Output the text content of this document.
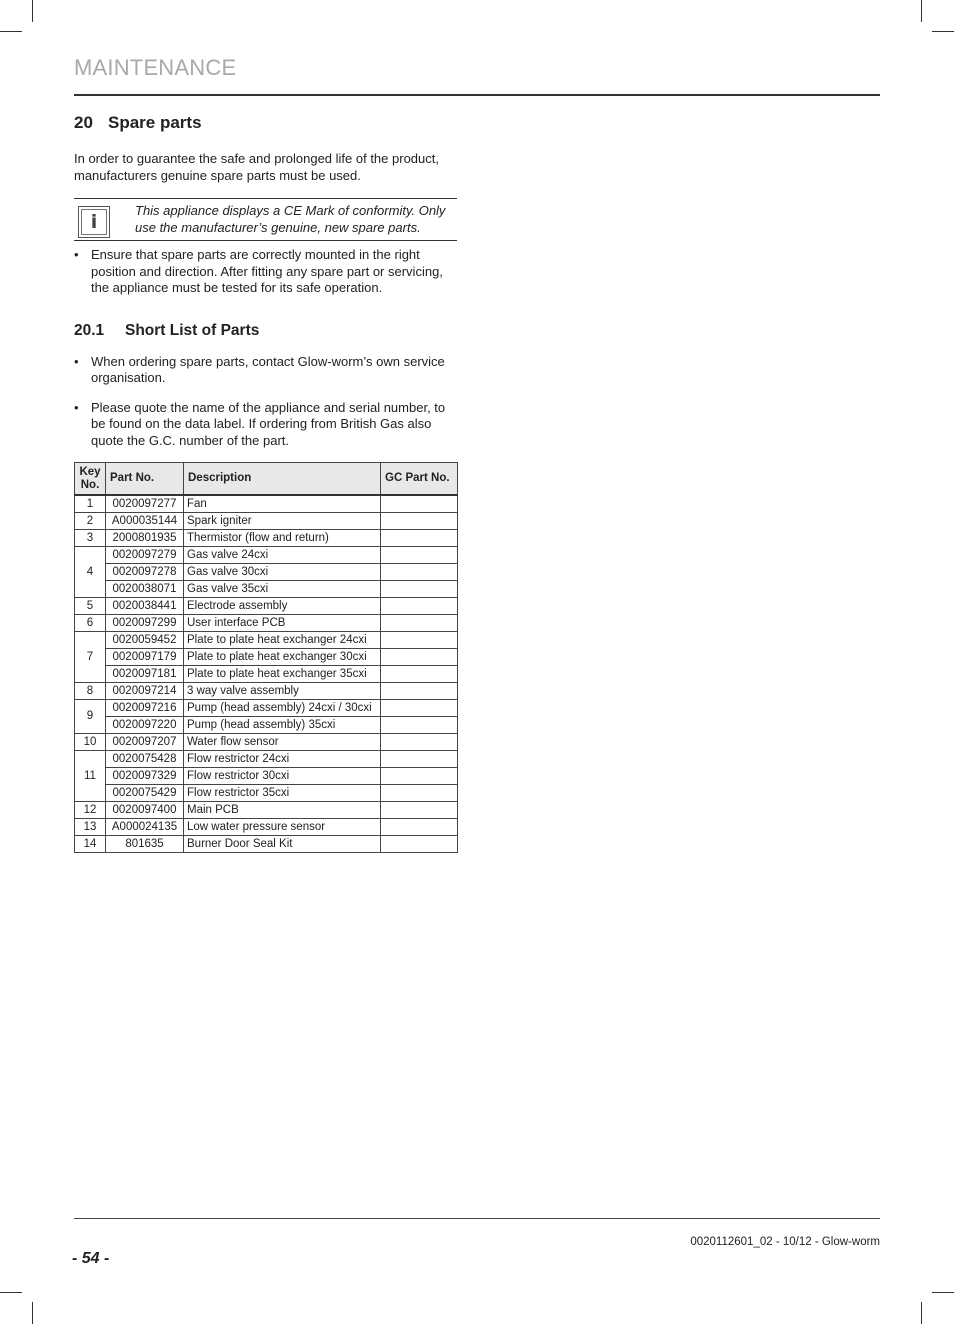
MAINTENANCE
20 Spare parts

In order to guarantee the safe and prolonged life of the product, manufacturers genuine spare parts must be used.

i
This appliance displays a CE Mark of conformity. Only use the manufacturer’s genuine, new spare parts.
• Ensure that spare parts are correctly mounted in the right position and direction. After fitting any spare part or servicing, the appliance must be tested for its safe operation.
20.1 Short List of Parts
• When ordering spare parts, contact Glow-worm’s own service organisation.
• Please quote the name of the appliance and serial number, to be found on the data label. If ordering from British Gas also quote the G.C. number of the part.
Key No.	Part No.	Description	GC Part No.
1	0020097277	Fan	
2	A000035144	Spark igniter	
3	2000801935	Thermistor (flow and return)	
4	0020097279	Gas valve 24cxi	
	0020097278	Gas valve 30cxi	
	0020038071	Gas valve 35cxi	
5	0020038441	Electrode assembly	
6	0020097299	User interface PCB	
7	0020059452	Plate to plate heat exchanger 24cxi	
	0020097179	Plate to plate heat exchanger 30cxi	
	0020097181	Plate to plate heat exchanger 35cxi	
8	0020097214	3 way valve assembly	
9	0020097216	Pump (head assembly) 24cxi / 30cxi	
	0020097220	Pump (head assembly) 35cxi	
10	0020097207	Water flow sensor	
11	0020075428	Flow restrictor 24cxi	
	0020097329	Flow restrictor 30cxi	
	0020075429	Flow restrictor 35cxi	
12	0020097400	Main PCB	
13	A000024135	Low water pressure sensor	
14	801635	Burner Door Seal Kit	
0020112601_02 - 10/12 - Glow-worm
- 54 -
